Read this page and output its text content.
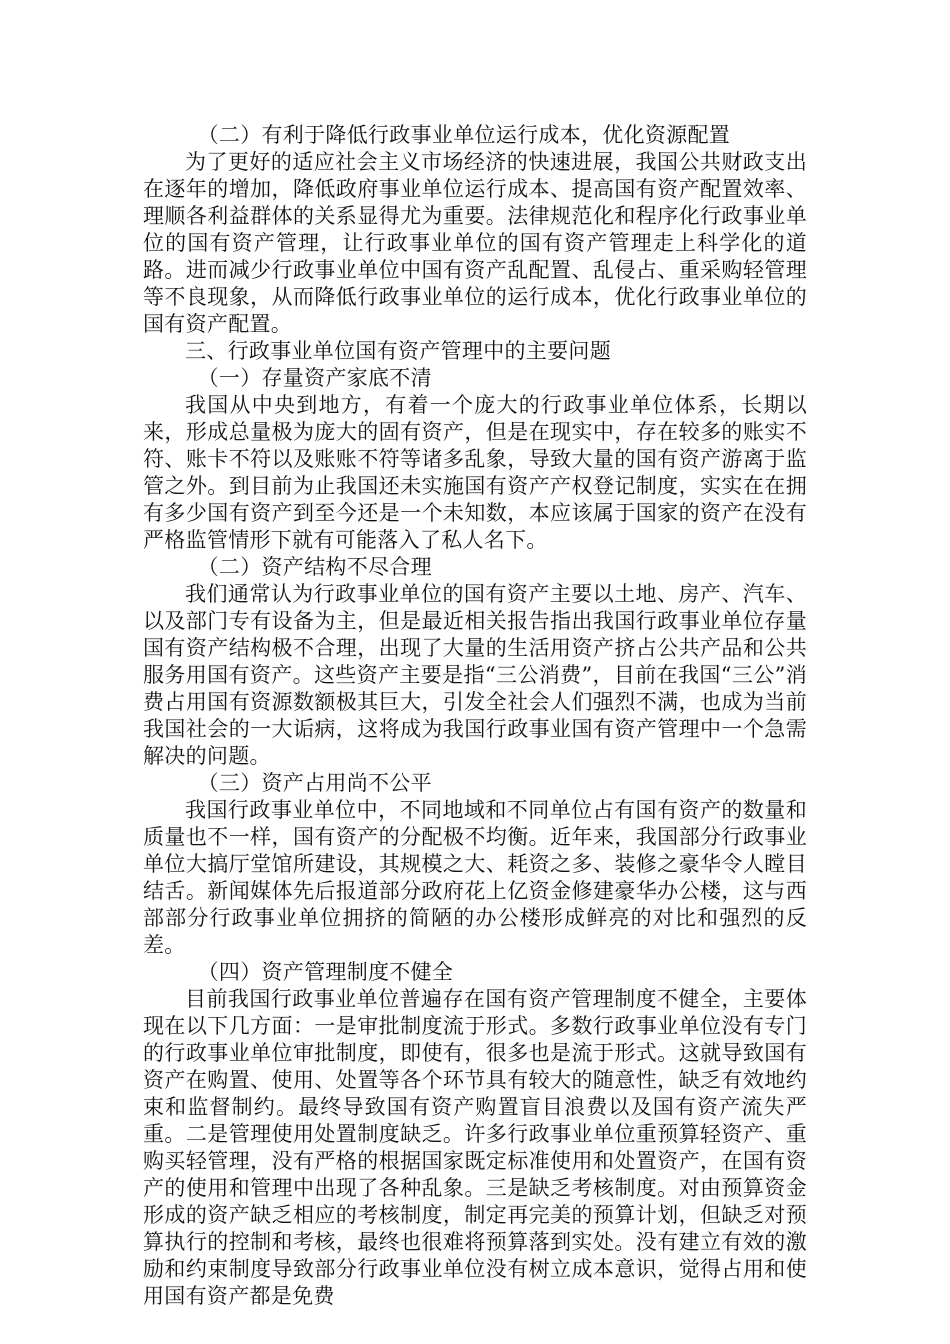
（二）有利于降低行政事业单位运行成本，优化资源配置

为了更好的适应社会主义市场经济的快速进展，我国公共财政支出在逐年的增加，降低政府事业单位运行成本、提高国有资产配置效率、理顺各利益群体的关系显得尤为重要。法律规范化和程序化行政事业单位的国有资产管理，让行政事业单位的国有资产管理走上科学化的道路。进而减少行政事业单位中国有资产乱配置、乱侵占、重采购轻管理等不良现象，从而降低行政事业单位的运行成本，优化行政事业单位的国有资产配置。

三、行政事业单位国有资产管理中的主要问题

（一）存量资产家底不清

我国从中央到地方，有着一个庞大的行政事业单位体系，长期以来，形成总量极为庞大的固有资产，但是在现实中，存在较多的账实不符、账卡不符以及账账不符等诸多乱象，导致大量的国有资产游离于监管之外。到目前为止我国还未实施国有资产产权登记制度，实实在在拥有多少国有资产到至今还是一个未知数，本应该属于国家的资产在没有严格监管情形下就有可能落入了私人名下。

（二）资产结构不尽合理

我们通常认为行政事业单位的国有资产主要以土地、房产、汽车、以及部门专有设备为主，但是最近相关报告指出我国行政事业单位存量国有资产结构极不合理，出现了大量的生活用资产挤占公共产品和公共服务用国有资产。这些资产主要是指“三公消费”，目前在我国“三公”消费占用国有资源数额极其巨大，引发全社会人们强烈不满，也成为当前我国社会的一大诟病，这将成为我国行政事业国有资产管理中一个急需解决的问题。

（三）资产占用尚不公平

我国行政事业单位中，不同地域和不同单位占有国有资产的数量和质量也不一样，国有资产的分配极不均衡。近年来，我国部分行政事业单位大搞厅堂馆所建设，其规模之大、耗资之多、装修之豪华令人瞠目结舌。新闻媒体先后报道部分政府花上亿资金修建豪华办公楼，这与西部部分行政事业单位拥挤的简陋的办公楼形成鲜亮的对比和强烈的反差。

（四）资产管理制度不健全

目前我国行政事业单位普遍存在国有资产管理制度不健全，主要体现在以下几方面：一是审批制度流于形式。多数行政事业单位没有专门的行政事业单位审批制度，即使有，很多也是流于形式。这就导致国有资产在购置、使用、处置等各个环节具有较大的随意性，缺乏有效地约束和监督制约。最终导致国有资产购置盲目浪费以及国有资产流失严重。二是管理使用处置制度缺乏。许多行政事业单位重预算轻资产、重购买轻管理，没有严格的根据国家既定标准使用和处置资产，在国有资产的使用和管理中出现了各种乱象。三是缺乏考核制度。对由预算资金形成的资产缺乏相应的考核制度，制定再完美的预算计划，但缺乏对预算执行的控制和考核，最终也很难将预算落到实处。没有建立有效的激励和约束制度导致部分行政事业单位没有树立成本意识，觉得占用和使用国有资产都是免费
